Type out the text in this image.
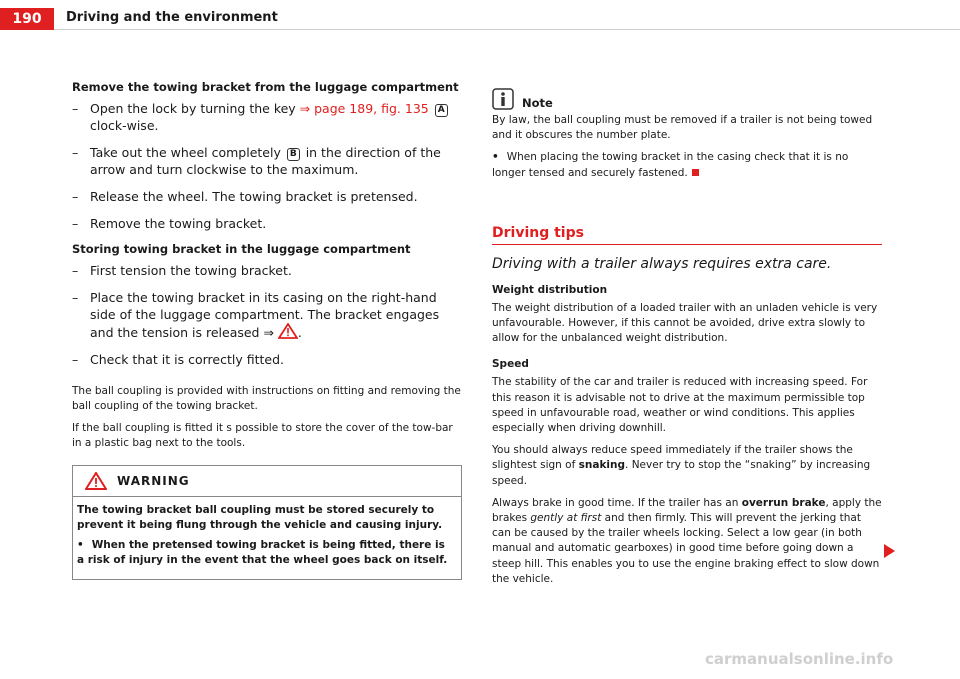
190	Driving and the environment

Remove the towing bracket from the luggage compartment

– Open the lock by turning the key ⇒ page 189, fig. 135 A clock-wise.
– Take out the wheel completely B in the direction of the arrow and turn clockwise to the maximum.
– Release the wheel. The towing bracket is pretensed.
– Remove the towing bracket.

Storing towing bracket in the luggage compartment

– First tension the towing bracket.
– Place the towing bracket in its casing on the right-hand side of the luggage compartment. The bracket engages and the tension is released ⇒ .
– Check that it is correctly fitted.

The ball coupling is provided with instructions on fitting and removing the ball coupling of the towing bracket.

If the ball coupling is fitted it s possible to store the cover of the tow-bar in a plastic bag next to the tools.

WARNING

The towing bracket ball coupling must be stored securely to prevent it being flung through the vehicle and causing injury.

• When the pretensed towing bracket is being fitted, there is a risk of injury in the event that the wheel goes back on itself.

Note

By law, the ball coupling must be removed if a trailer is not being towed and it obscures the number plate.

• When placing the towing bracket in the casing check that it is no longer tensed and securely fastened.

Driving tips
Driving with a trailer always requires extra care.
Weight distribution

The weight distribution of a loaded trailer with an unladen vehicle is very unfavourable. However, if this cannot be avoided, drive extra slowly to allow for the unbalanced weight distribution.

Speed

The stability of the car and trailer is reduced with increasing speed. For this reason it is advisable not to drive at the maximum permissible top speed in unfavourable road, weather or wind conditions. This applies especially when driving downhill.

You should always reduce speed immediately if the trailer shows the slightest sign of snaking. Never try to stop the “snaking” by increasing speed.

Always brake in good time. If the trailer has an overrun brake, apply the brakes gently at first and then firmly. This will prevent the jerking that can be caused by the trailer wheels locking. Select a low gear (in both manual and automatic gearboxes) in good time before going down a steep hill. This enables you to use the engine braking effect to slow down the vehicle.

carmanualsonline.info
